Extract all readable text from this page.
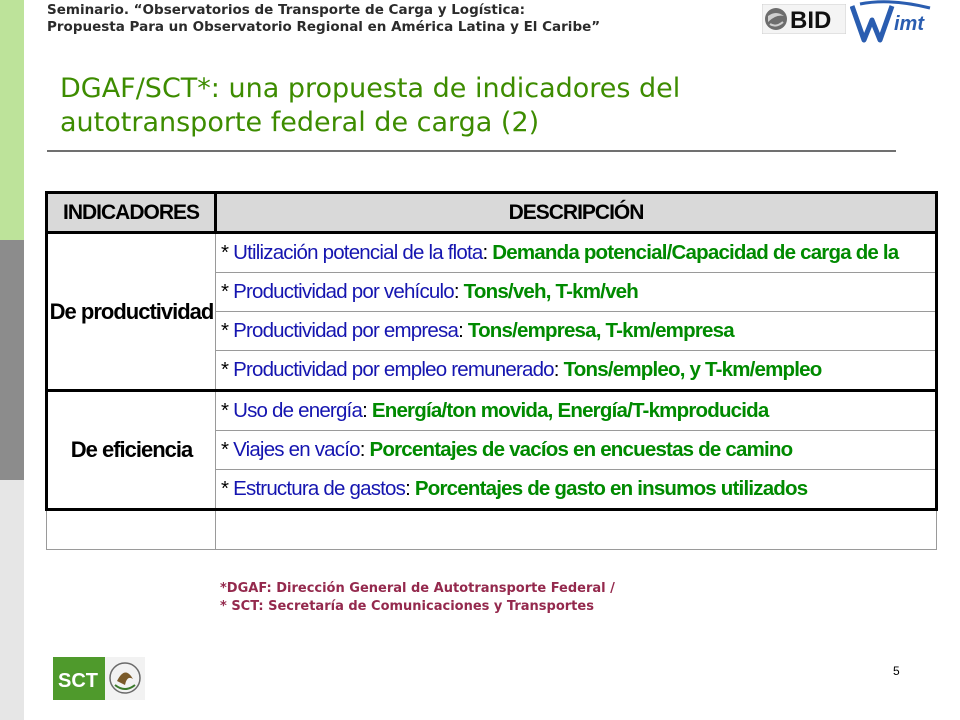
Seminario. “Observatorios de Transporte de Carga y Logística:
Propuesta Para un Observatorio Regional en América Latina y El Caribe”	BID	imt
DGAF/SCT*: una propuesta de indicadores del
autotransporte federal de carga (2)
INDICADORES	DESCRIPCIÓN
De productividad	* Utilización potencial de la flota: Demanda potencial/Capacidad de carga de la
	* Productividad por vehículo: Tons/veh, T-km/veh
	* Productividad por empresa: Tons/empresa, T-km/empresa
	* Productividad por empleo remunerado: Tons/empleo, y T-km/empleo
De eficiencia	* Uso de energía: Energía/ton movida, Energía/T-kmproducida
	* Viajes en vacío: Porcentajes de vacíos en encuestas de camino
	* Estructura de gastos: Porcentajes de gasto en insumos utilizados

*DGAF: Dirección General de Autotransporte Federal /
* SCT: Secretaría de Comunicaciones y Transportes
SCT	5
